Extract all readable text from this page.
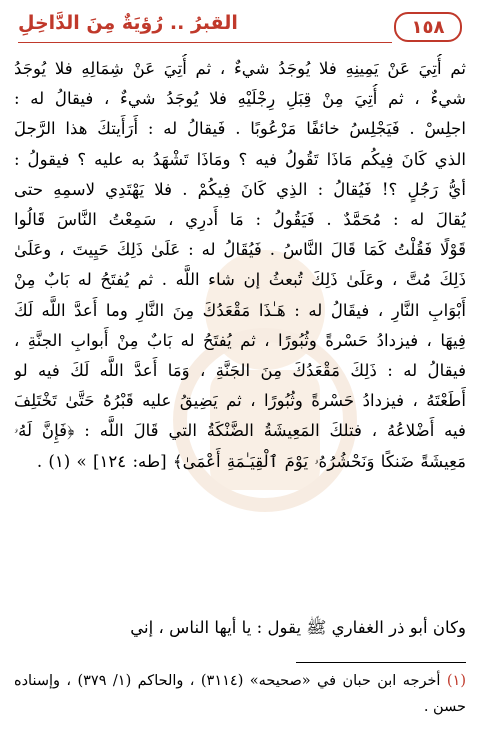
١٥٨
القبرُ .. رُؤيَةٌ مِنَ الدَّاخِلِ
ثم أُتِيَ عَنْ يَمِينِهِ فلا يُوجَدُ شيءٌ ، ثم أُتِيَ عَنْ شِمَالِهِ فلا يُوجَدُ
شيءٌ ، ثم أُتِيَ مِنْ قِبَلِ رِجْلَيْهِ فلا يُوجَدُ شيءٌ ، فيقالُ له :
اجلِسْ . فَيَجْلِسُ خائفًا مَرْعُوبًا . فَيقالُ له : أَرَأَيتكَ هذا الرَّجلَ
الذي كَانَ فِيكُم مَاذَا تَقُولُ فيه ؟ ومَاذَا تَشْهَدُ به عليه ؟ فيقولُ :
أيُّ رَجُلٍ ؟! فَيُقالُ : الذِي كَانَ فِيكُمْ . فلا يَهْتَدِي لاسمِهِ حتى
يُقالَ له : مُحَمَّدٌ . فَيَقُولُ : مَا أَدرِي ، سَمِعْتُ النَّاسَ قَالُوا
قَوْلًا فَقُلْتُ كَمَا قَالَ النَّاسُ . فَيُقَالُ له : عَلَىٰ ذَلِكَ حَيِيتَ ، وعَلَىٰ
ذَلِكَ مُتَّ ، وعَلَىٰ ذَلِكَ تُبعثُ إن شاء اللَّه . ثم يُفتَحُ له بَابٌ مِنْ
أَبْوَابِ النَّارِ ، فيقَالُ له : هَـٰذَا مَقْعَدُكَ مِنَ النَّارِ وما أَعدَّ اللَّه لَكَ
فِيهَا ، فيزدادُ حَسْرةً وثُبُورًا ، ثم يُفتَحُ له بَابٌ مِنْ أَبوابِ الجنَّةِ ،
فيقالُ له : ذَلِكَ مَقْعَدُكَ مِنَ الجَنَّةِ ، وَمَا أَعدَّ اللَّه لَكَ فيه لو
أَطَعْتَهُ ، فيزدادُ حَسْرةً وثُبُورًا ، ثم يَضِيقُ عليه قَبْرُهُ حَتَّىٰ تَخْتَلِفَ
فيه أَضْلاعُهُ ، فتلكَ المَعِيشَةُ الضَّنْكَةُ التي قَالَ اللَّه : ﴿فَإِنَّ لَهُۥ
مَعِيشَةً ضَنكًا وَنَحْشُرُهُۥ يَوْمَ ٱلْقِيَـٰمَةِ أَعْمَىٰ﴾ [طه: ١٢٤] » (١) .
وكان أبو ذر الغفاري ﷺ يقول : يا أيها الناس ، إني
(١) أخرجه ابن حبان في «صحيحه» (٣١١٤) ، والحاكم (١/ ٣٧٩) ، وإسناده حسن .
